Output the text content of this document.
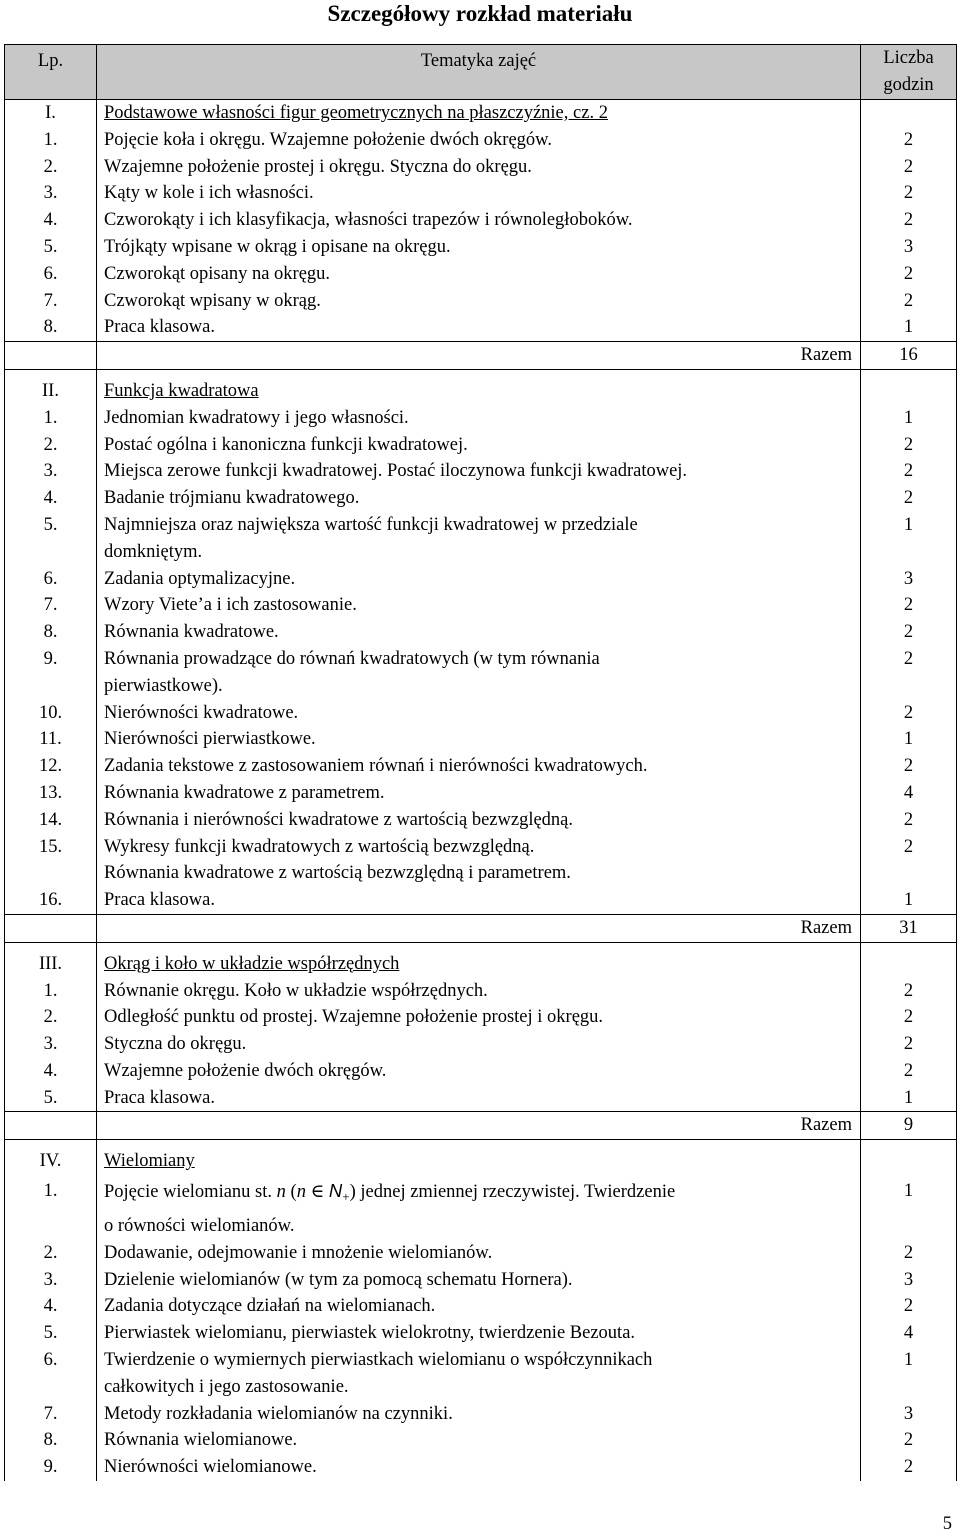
Szczegółowy rozkład materiału
Lp.	Tematyka zajęć	Liczba godzin
I.	Podstawowe własności figur geometrycznych na płaszczyźnie, cz. 2	
1.	Pojęcie koła i okręgu. Wzajemne położenie dwóch okręgów.	2
2.	Wzajemne położenie prostej i okręgu. Styczna do okręgu.	2
3.	Kąty w kole i ich własności.	2
4.	Czworokąty i ich klasyfikacja, własności trapezów i równoległoboków.	2
5.	Trójkąty wpisane w okrąg i opisane na okręgu.	3
6.	Czworokąt opisany na okręgu.	2
7.	Czworokąt wpisany w okrąg.	2
8.	Praca klasowa.	1
	Razem	16

II.	Funkcja kwadratowa	
1.	Jednomian kwadratowy i jego własności.	1
2.	Postać ogólna i kanoniczna funkcji kwadratowej.	2
3.	Miejsca zerowe funkcji kwadratowej. Postać iloczynowa funkcji kwadratowej.	2
4.	Badanie trójmianu kwadratowego.	2
5.	Najmniejsza oraz największa wartość funkcji kwadratowej w przedziale	1
	domkniętym.	
6.	Zadania optymalizacyjne.	3
7.	Wzory Viete’a i ich zastosowanie.	2
8.	Równania kwadratowe.	2
9.	Równania prowadzące do równań kwadratowych (w tym równania	2
	pierwiastkowe).	
10.	Nierówności kwadratowe.	2
11.	Nierówności pierwiastkowe.	1
12.	Zadania tekstowe z zastosowaniem równań i nierówności kwadratowych.	2
13.	Równania kwadratowe z parametrem.	4
14.	Równania i nierówności kwadratowe z wartością bezwzględną.	2
15.	Wykresy funkcji kwadratowych z wartością bezwzględną.	2
	Równania kwadratowe z wartością bezwzględną i parametrem.	
16.	Praca klasowa.	1
	Razem	31

III.	Okrąg i koło w układzie współrzędnych	
1.	Równanie okręgu. Koło w układzie współrzędnych.	2
2.	Odległość punktu od prostej. Wzajemne położenie prostej i okręgu.	2
3.	Styczna do okręgu.	2
4.	Wzajemne położenie dwóch okręgów.	2
5.	Praca klasowa.	1
	Razem	9

IV.	Wielomiany	
1.	Pojęcie wielomianu st. n (n ∈ $N_+$) jednej zmiennej rzeczywistej. Twierdzenie	1
	o równości wielomianów.	
2.	Dodawanie, odejmowanie i mnożenie wielomianów.	2
3.	Dzielenie wielomianów (w tym za pomocą schematu Hornera).	3
4.	Zadania dotyczące działań na wielomianach.	2
5.	Pierwiastek wielomianu, pierwiastek wielokrotny, twierdzenie Bezouta.	4
6.	Twierdzenie o wymiernych pierwiastkach wielomianu o współczynnikach	1
	całkowitych i jego zastosowanie.	
7.	Metody rozkładania wielomianów na czynniki.	3
8.	Równania wielomianowe.	2
9.	Nierówności wielomianowe.	2
5
